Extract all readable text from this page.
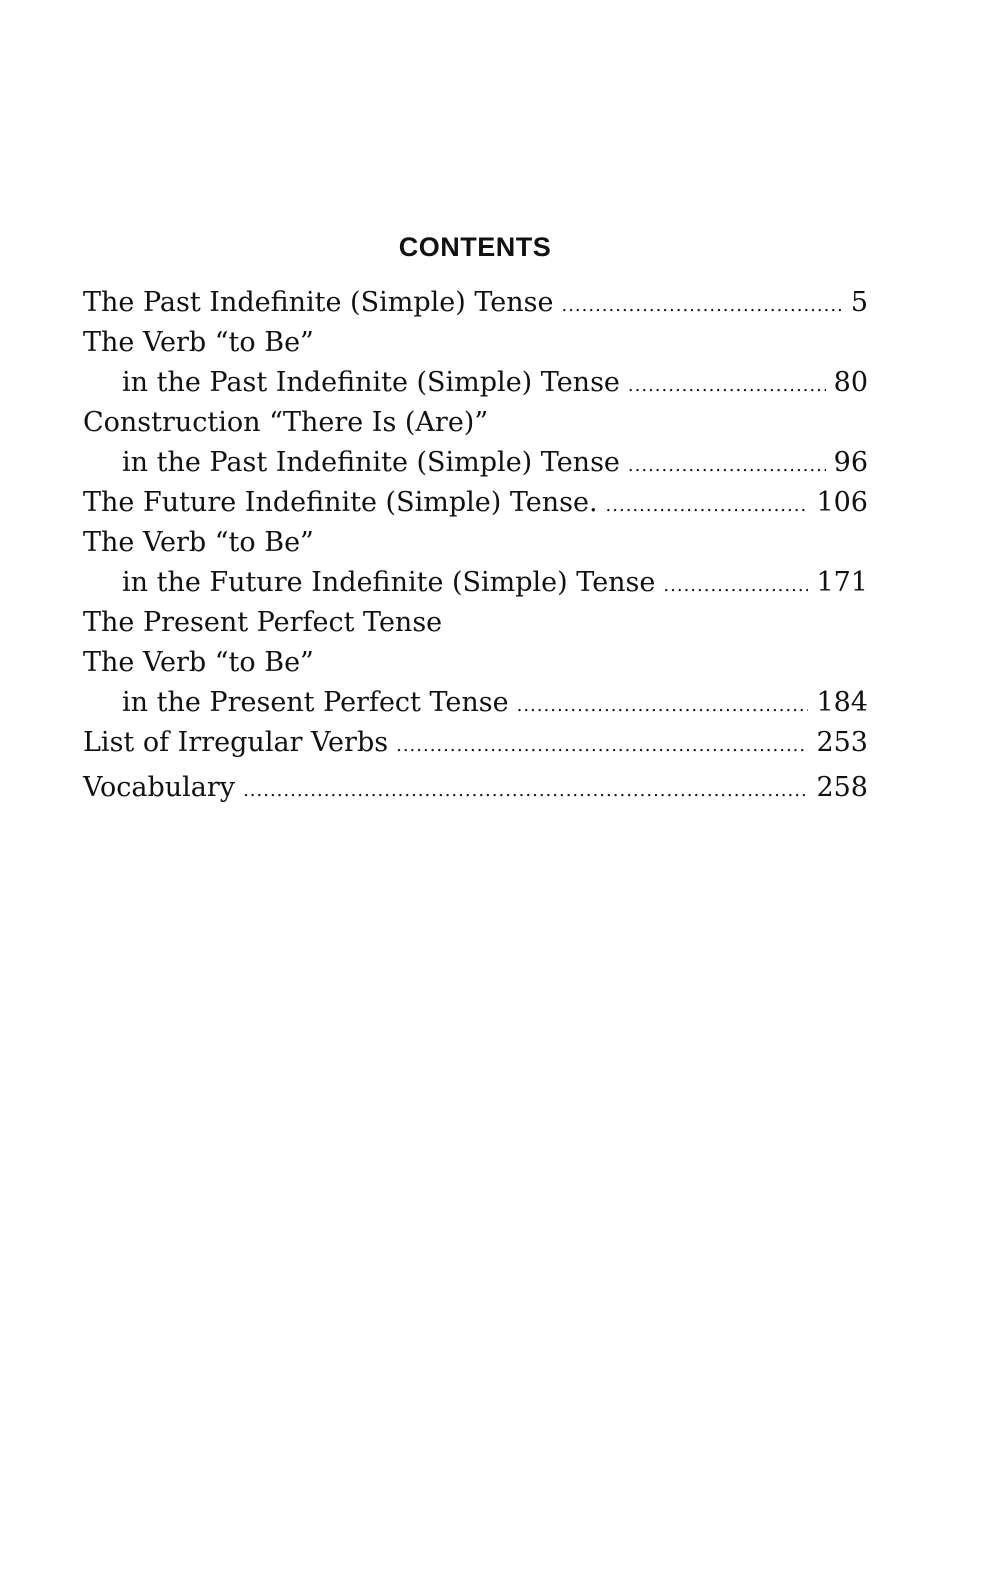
CONTENTS
The Past Indefinite (Simple) Tense .....	5
The Verb “to Be”
in the Past Indefinite (Simple) Tense .....	80
Construction “There Is (Are)”
in the Past Indefinite (Simple) Tense .....	96
The Future Indefinite (Simple) Tense. .....	106
The Verb “to Be”
in the Future Indefinite (Simple) Tense .....	171
The Present Perfect Tense
The Verb “to Be”
in the Present Perfect Tense .....	184
List of Irregular Verbs .....	253
Vocabulary .....	258
